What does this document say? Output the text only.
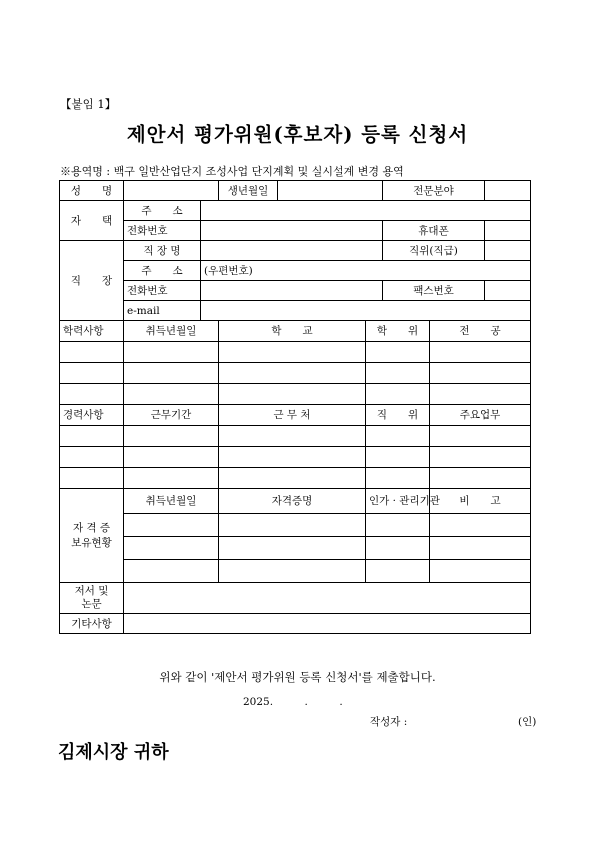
【붙임 1】
제안서 평가위원(후보자) 등록 신청서
※용역명 : 백구 일반산업단지 조성사업 단지계획 및 실시설계 변경 용역
성　　명			생년월일			전문분야		
자　　택	주　　소							
	전화번호					휴대폰		
직　　장	직 장 명					직위(직급)		
	주　　소	(우편번호)						
	전화번호					팩스번호		
	e-mail							
학력사항	취득년월일		학　　교		학　　위		전　　공	

경력사항	근무기간		근 무 처		직　　위		주요업무	

자 격 증
보유현황	취득년월일		자격증명		인가 · 관리기관		비　　고	

저서 및
논문								
기타사항								
위와 같이 '제안서 평가위원 등록 신청서'를 제출합니다.
2025.　　　.　　　.
작성자 :	(인)
김제시장 귀하
